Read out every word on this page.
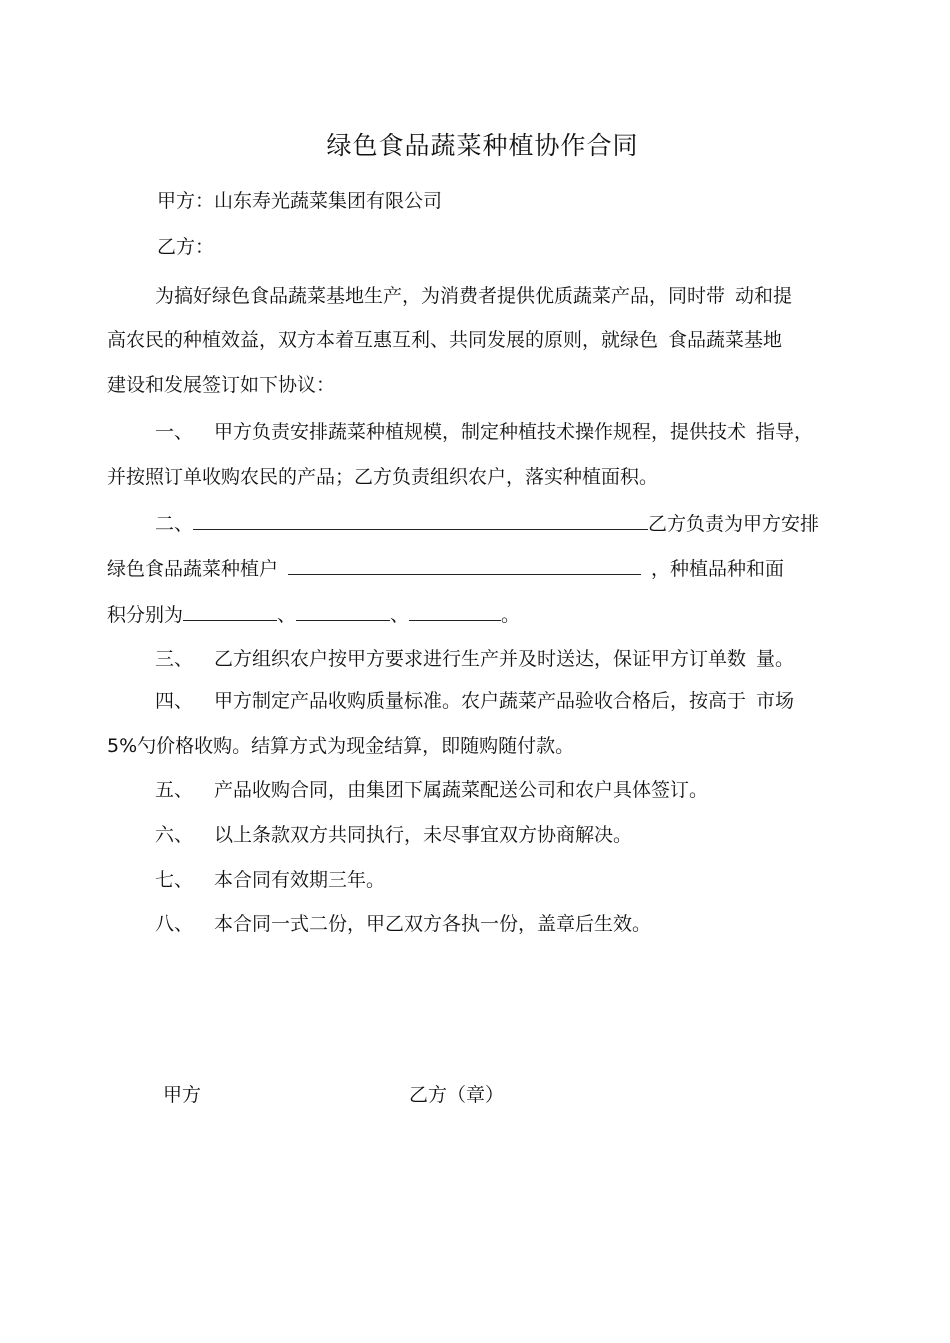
绿色食品蔬菜种植协作合同
甲方：山东寿光蔬菜集团有限公司
乙方：
为搞好绿色食品蔬菜基地生产，为消费者提供优质蔬菜产品，同时带 动和提
高农民的种植效益，双方本着互惠互利、共同发展的原则，就绿色 食品蔬菜基地
建设和发展签订如下协议：
一、 甲方负责安排蔬菜种植规模，制定种植技术操作规程，提供技术 指导，
并按照订单收购农民的产品；乙方负责组织农户，落实种植面积。
二、	乙方负责为甲方安排
绿色食品蔬菜种植户	，种植品种和面
积分别为	、	、	。
三、 乙方组织农户按甲方要求进行生产并及时送达，保证甲方订单数 量。
四、 甲方制定产品收购质量标准。农户蔬菜产品验收合格后，按高于 市场
5%勺价格收购。结算方式为现金结算，即随购随付款。
五、 产品收购合同，由集团下属蔬菜配送公司和农户具体签订。
六、 以上条款双方共同执行，未尽事宜双方协商解决。
七、 本合同有效期三年。
八、 本合同一式二份，甲乙双方各执一份，盖章后生效。
甲方	乙方（章）
